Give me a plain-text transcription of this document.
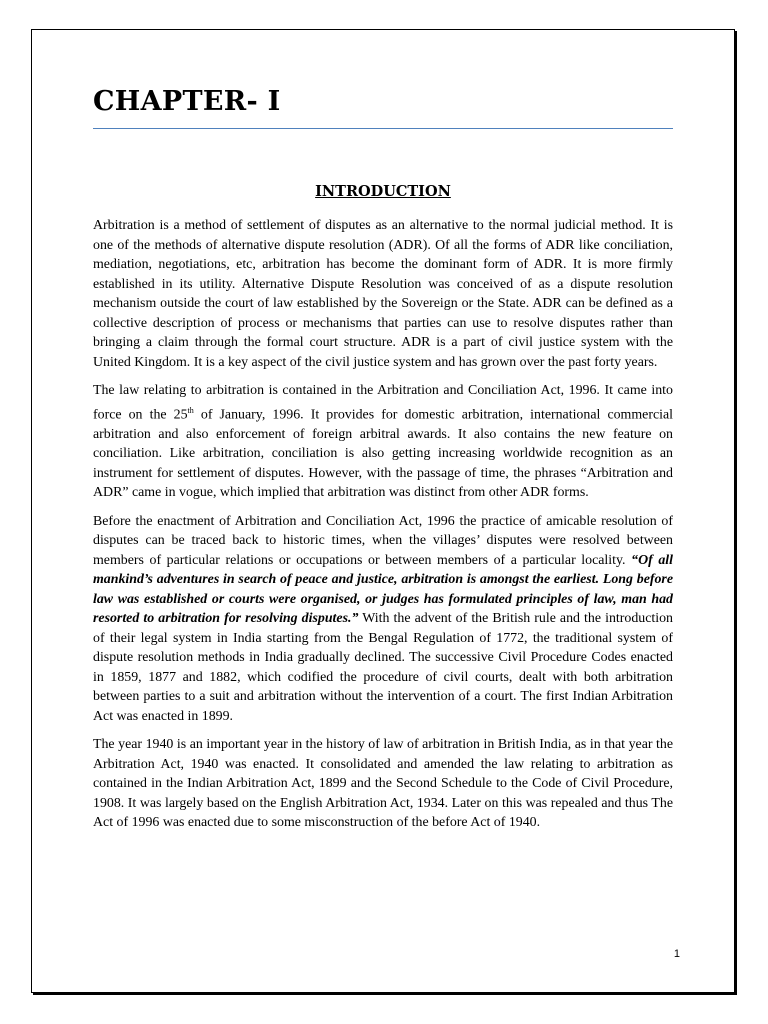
CHAPTER- I
INTRODUCTION

Arbitration is a method of settlement of disputes as an alternative to the normal judicial method. It is one of the methods of alternative dispute resolution (ADR). Of all the forms of ADR like conciliation, mediation, negotiations, etc, arbitration has become the dominant form of ADR. It is more firmly established in its utility. Alternative Dispute Resolution was conceived of as a dispute resolution mechanism outside the court of law established by the Sovereign or the State. ADR can be defined as a collective description of process or mechanisms that parties can use to resolve disputes rather than bringing a claim through the formal court structure. ADR is a part of civil justice system with the United Kingdom. It is a key aspect of the civil justice system and has grown over the past forty years.

The law relating to arbitration is contained in the Arbitration and Conciliation Act, 1996. It came into force on the 25th of January, 1996. It provides for domestic arbitration, international commercial arbitration and also enforcement of foreign arbitral awards. It also contains the new feature on conciliation. Like arbitration, conciliation is also getting increasing worldwide recognition as an instrument for settlement of disputes. However, with the passage of time, the phrases “Arbitration and ADR” came in vogue, which implied that arbitration was distinct from other ADR forms.

Before the enactment of Arbitration and Conciliation Act, 1996 the practice of amicable resolution of disputes can be traced back to historic times, when the villages’ disputes were resolved between members of particular relations or occupations or between members of a particular locality. “Of all mankind’s adventures in search of peace and justice, arbitration is amongst the earliest. Long before law was established or courts were organised, or judges has formulated principles of law, man had resorted to arbitration for resolving disputes.” With the advent of the British rule and the introduction of their legal system in India starting from the Bengal Regulation of 1772, the traditional system of dispute resolution methods in India gradually declined. The successive Civil Procedure Codes enacted in 1859, 1877 and 1882, which codified the procedure of civil courts, dealt with both arbitration between parties to a suit and arbitration without the intervention of a court. The first Indian Arbitration Act was enacted in 1899.

The year 1940 is an important year in the history of law of arbitration in British India, as in that year the Arbitration Act, 1940 was enacted. It consolidated and amended the law relating to arbitration as contained in the Indian Arbitration Act, 1899 and the Second Schedule to the Code of Civil Procedure, 1908. It was largely based on the English Arbitration Act, 1934. Later on this was repealed and thus The Act of 1996 was enacted due to some misconstruction of the before Act of 1940.

1
